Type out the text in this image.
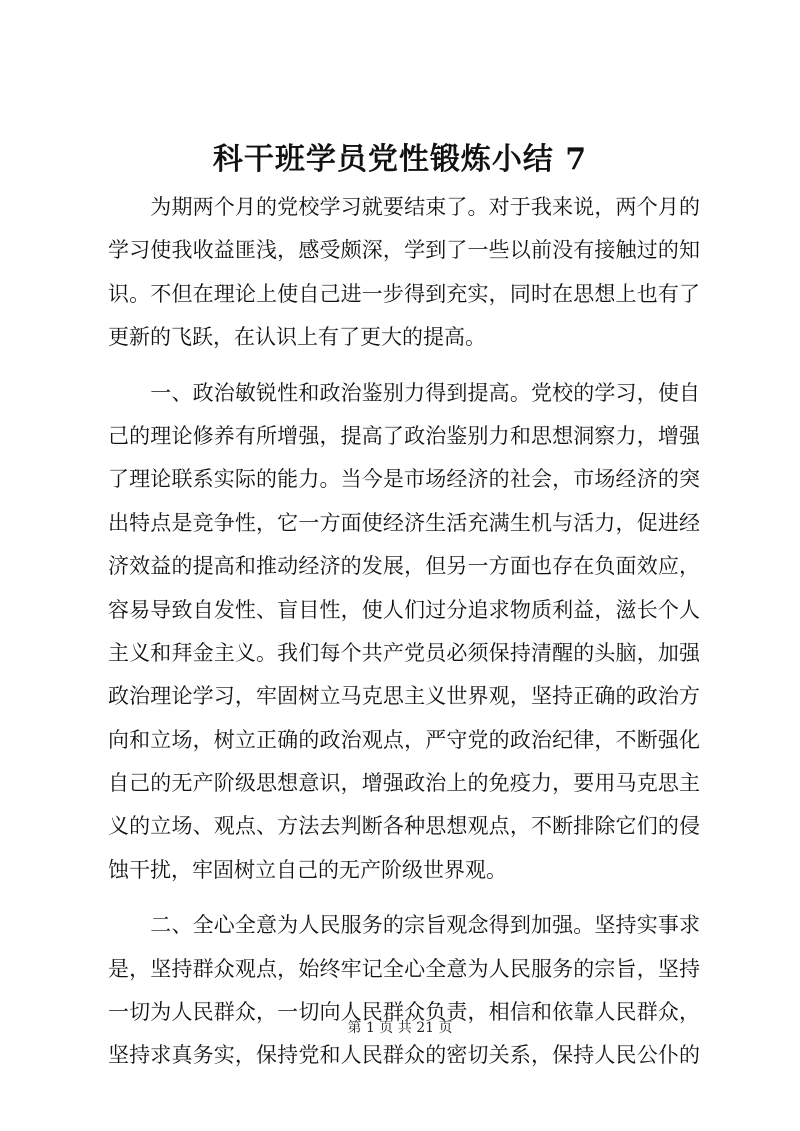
科干班学员党性锻炼小结 7
　　为期两个月的党校学习就要结束了。对于我来说，两个月的
学习使我收益匪浅，感受颇深，学到了一些以前没有接触过的知
识。不但在理论上使自己进一步得到充实，同时在思想上也有了
更新的飞跃，在认识上有了更大的提高。
　　一、政治敏锐性和政治鉴别力得到提高。党校的学习，使自
己的理论修养有所增强，提高了政治鉴别力和思想洞察力，增强
了理论联系实际的能力。当今是市场经济的社会，市场经济的突
出特点是竞争性，它一方面使经济生活充满生机与活力，促进经
济效益的提高和推动经济的发展，但另一方面也存在负面效应，
容易导致自发性、盲目性，使人们过分追求物质利益，滋长个人
主义和拜金主义。我们每个共产党员必须保持清醒的头脑，加强
政治理论学习，牢固树立马克思主义世界观，坚持正确的政治方
向和立场，树立正确的政治观点，严守党的政治纪律，不断强化
自己的无产阶级思想意识，增强政治上的免疫力，要用马克思主
义的立场、观点、方法去判断各种思想观点，不断排除它们的侵
蚀干扰，牢固树立自己的无产阶级世界观。
　　二、全心全意为人民服务的宗旨观念得到加强。坚持实事求
是，坚持群众观点，始终牢记全心全意为人民服务的宗旨，坚持
一切为人民群众，一切向人民群众负责，相信和依靠人民群众，
坚持求真务实，保持党和人民群众的密切关系，保持人民公仆的
第 1 页 共 21 页
